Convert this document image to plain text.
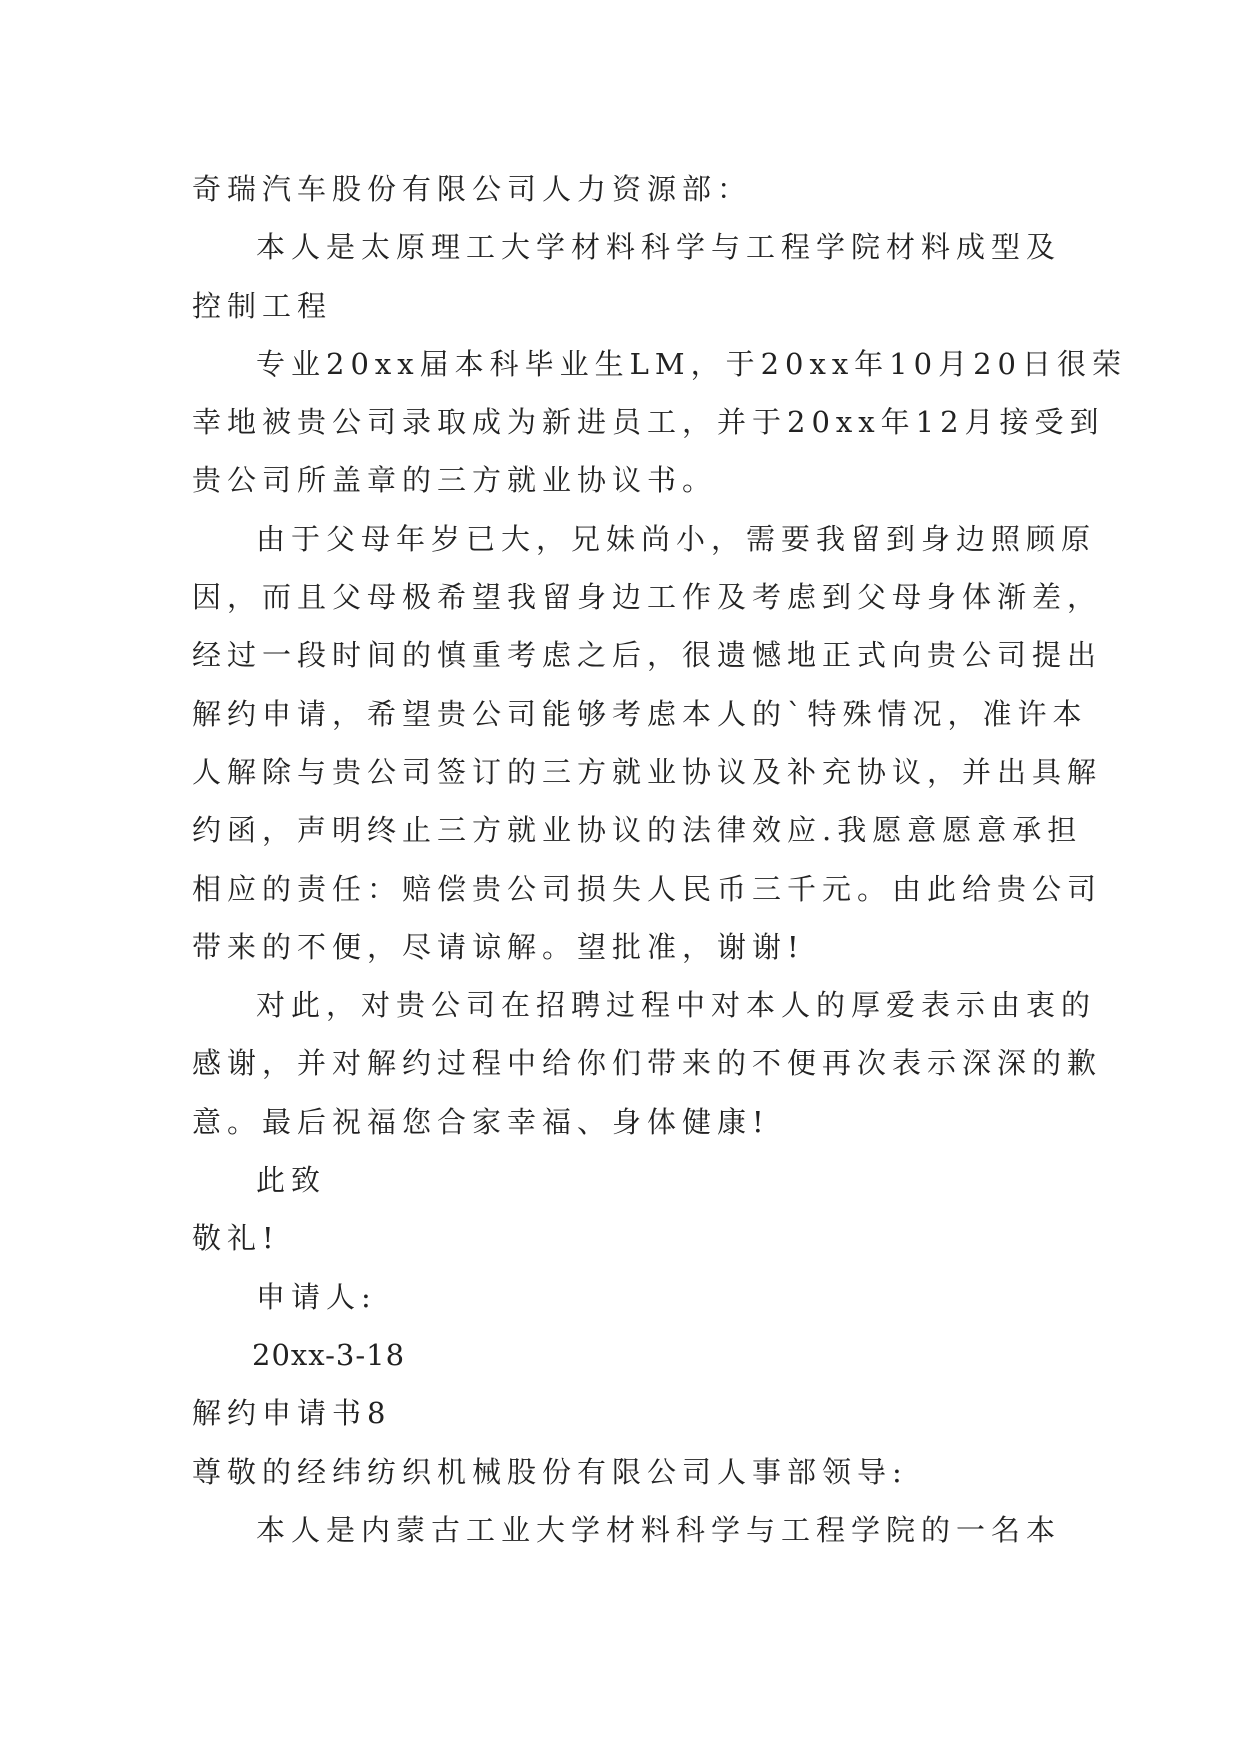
奇瑞汽车股份有限公司人力资源部：
本人是太原理工大学材料科学与工程学院材料成型及
控制工程
专业20xx届本科毕业生LM，于20xx年10月20日很荣
幸地被贵公司录取成为新进员工，并于20xx年12月接受到
贵公司所盖章的三方就业协议书。
由于父母年岁已大，兄妹尚小，需要我留到身边照顾原
因，而且父母极希望我留身边工作及考虑到父母身体渐差，
经过一段时间的慎重考虑之后，很遗憾地正式向贵公司提出
解约申请，希望贵公司能够考虑本人的`特殊情况，准许本
人解除与贵公司签订的三方就业协议及补充协议，并出具解
约函，声明终止三方就业协议的法律效应.我愿意愿意承担
相应的责任：赔偿贵公司损失人民币三千元。由此给贵公司
带来的不便，尽请谅解。望批准，谢谢!
对此，对贵公司在招聘过程中对本人的厚爱表示由衷的
感谢，并对解约过程中给你们带来的不便再次表示深深的歉
意。最后祝福您合家幸福、身体健康!
此致
敬礼!
申请人:
20xx-3-18
解约申请书8
尊敬的经纬纺织机械股份有限公司人事部领导:
本人是内蒙古工业大学材料科学与工程学院的一名本
